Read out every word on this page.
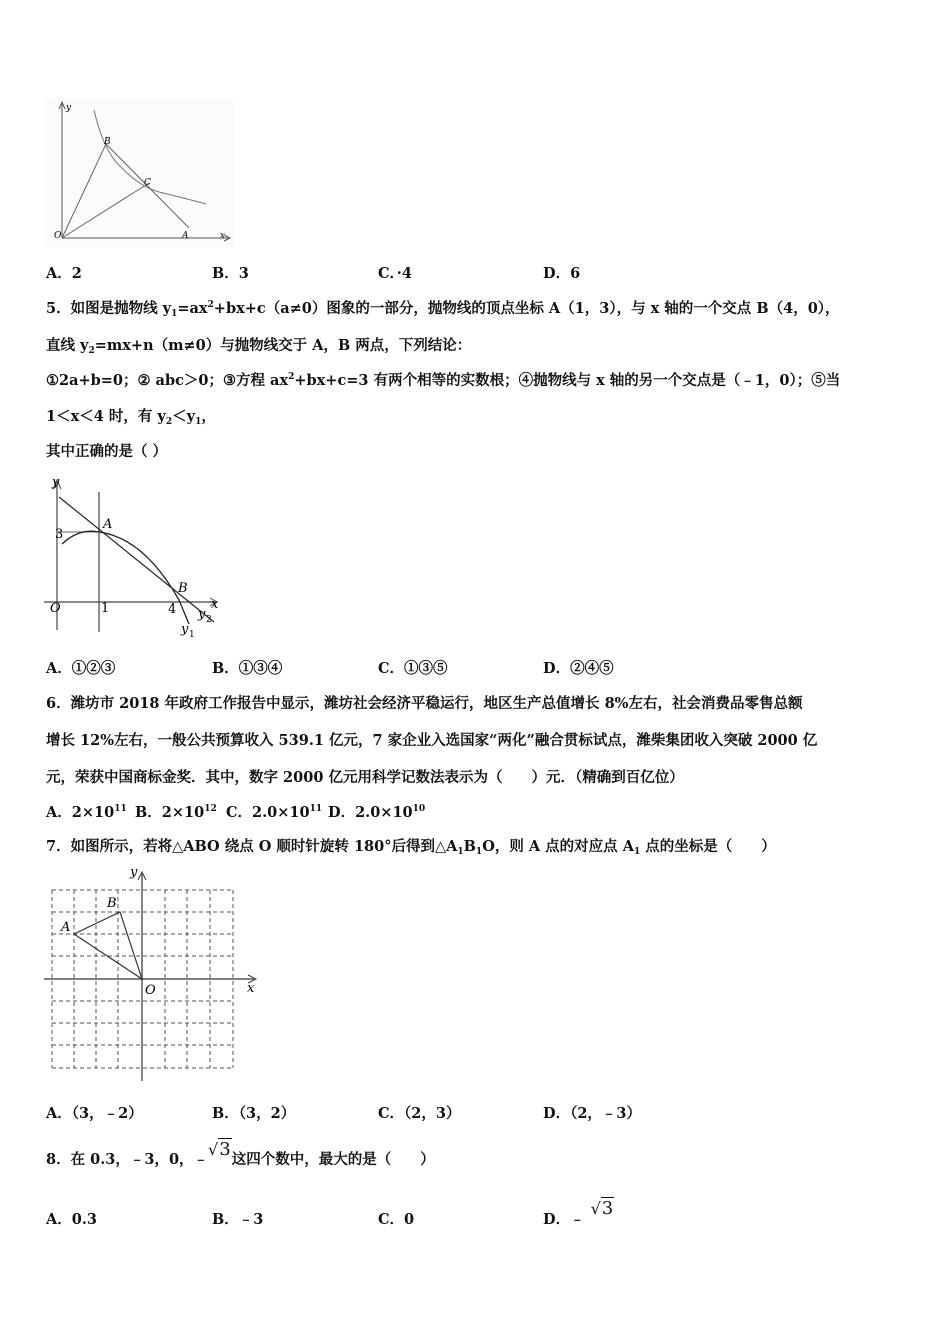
y
O	x
A
B
C
A．2	B．3	C．·4	D．6
5．如图是抛物线 $y_1=ax^2+bx+c(a\ne 0)$图象的一部分，抛物线的顶点坐标 A（1，3），与 x 轴的一个交点 B（4，0），
直线 $y_2=mx+n(m\ne 0)$与抛物线交于 A，B 两点，下列结论：
①2a+b=0；② abc＞0；③方程 $ax^2+bx+c=3$ 有两个相等的实数根；④抛物线与 x 轴的另一个交点是（﹣1，0）；⑤当
1＜x＜4 时，有 $y_2<y_1$，
其中正确的是（ ）
y
3
A
B
O	1	4	x
y 2
y 1
A．①②③	B．①③④	C．①③⑤	D．②④⑤
6．潍坊市 2018 年政府工作报告中显示，潍坊社会经济平稳运行，地区生产总值增长 8%左右，社会消费品零售总额
增长 12%左右，一般公共预算收入 539.1 亿元，7 家企业入选国家“两化”融合贯标试点，潍柴集团收入突破 2000 亿
元，荣获中国商标金奖．其中，数字 2000 亿元用科学记数法表示为（　　）元．（精确到百亿位）
A．$2\times 10^{11}$ B．$2\times 10^{12}$ C．$2.0\times 10^{11}$ D．$2.0\times 10^{10}$
7．如图所示，若将△ABO 绕点 O 顺时针旋转 180°后得到$\triangle A_1B_1O$，则 A 点的对应点 $A_1$ 点的坐标是（　　）
y
x
A
B
O
A．（3，﹣2）	B．（3，2）	C．（2，3）	D．（2，﹣3）
8．在 0.3，﹣3，0，﹣√3这四个数中，最大的是（　　）
A．0.3	B．﹣3	C．0	D．﹣√3
